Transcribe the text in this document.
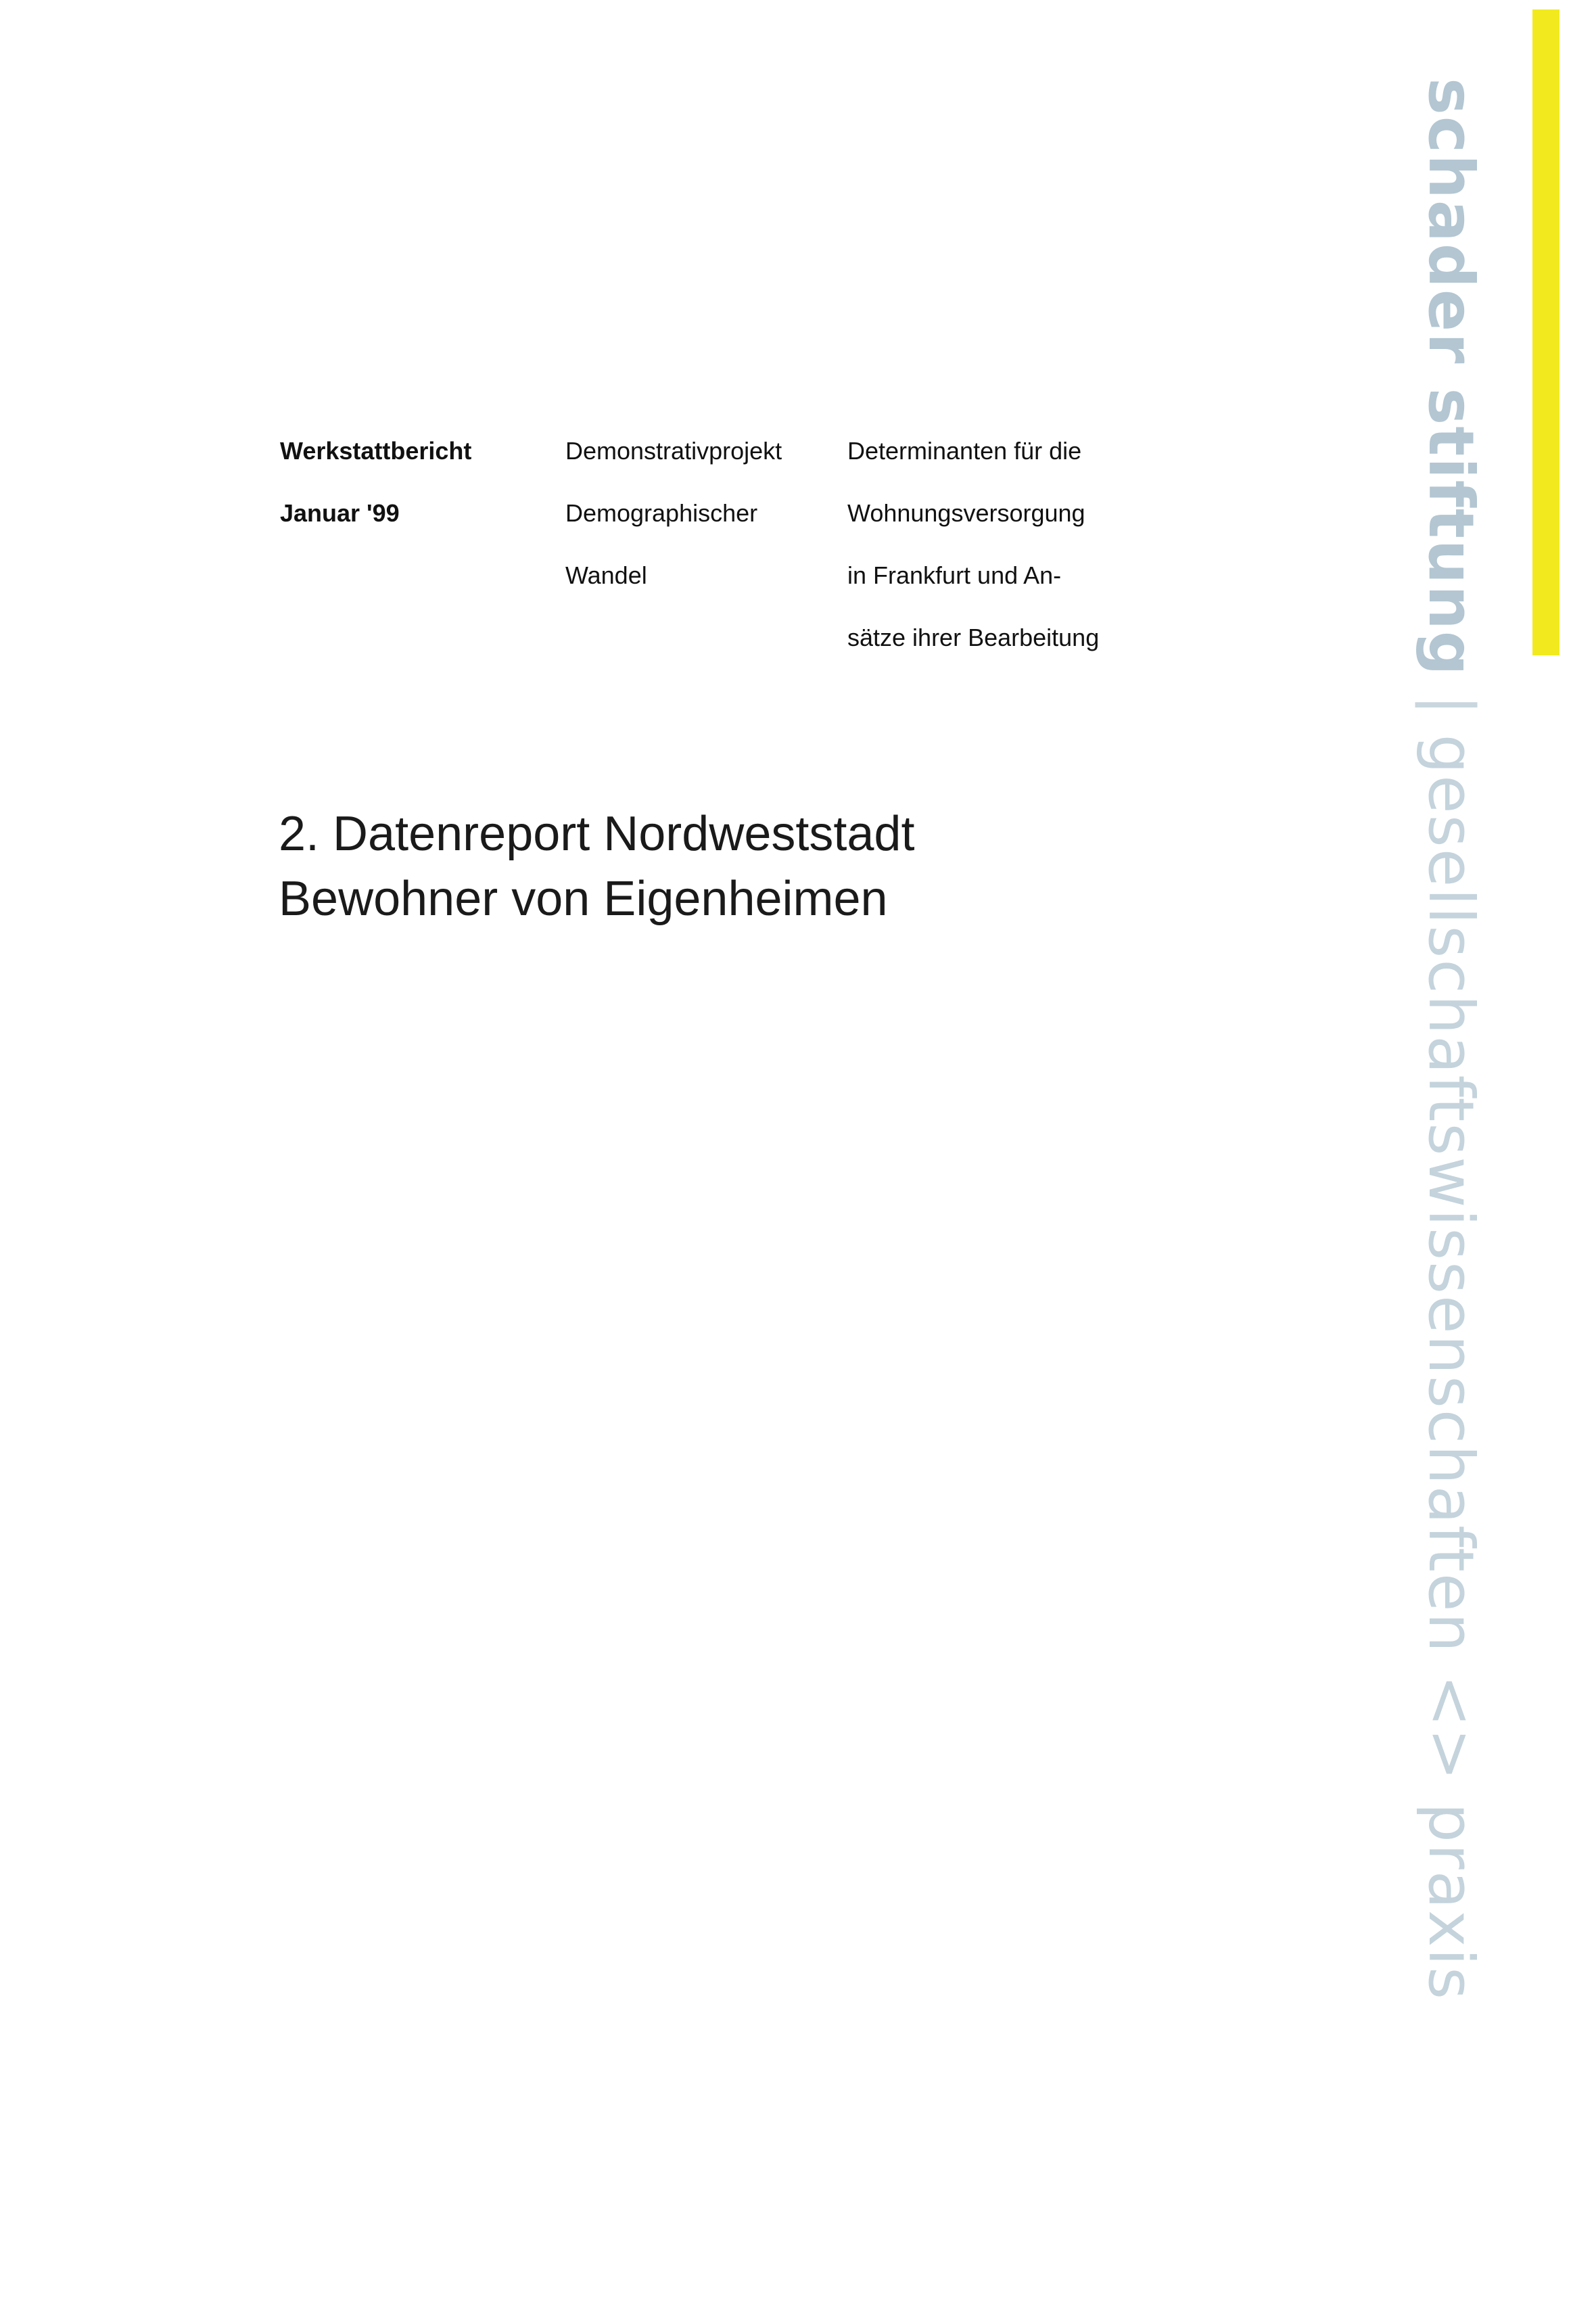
Werkstattbericht

Januar '99

Demonstrativprojekt

Demographischer

Wandel

Determinanten für die

Wohnungsversorgung

in Frankfurt und An-

sätze ihrer Bearbeitung

2. Datenreport Nordweststadt
Bewohner von Eigenheimen
schader stiftung|gesellschaftswissenschaften <> praxis
